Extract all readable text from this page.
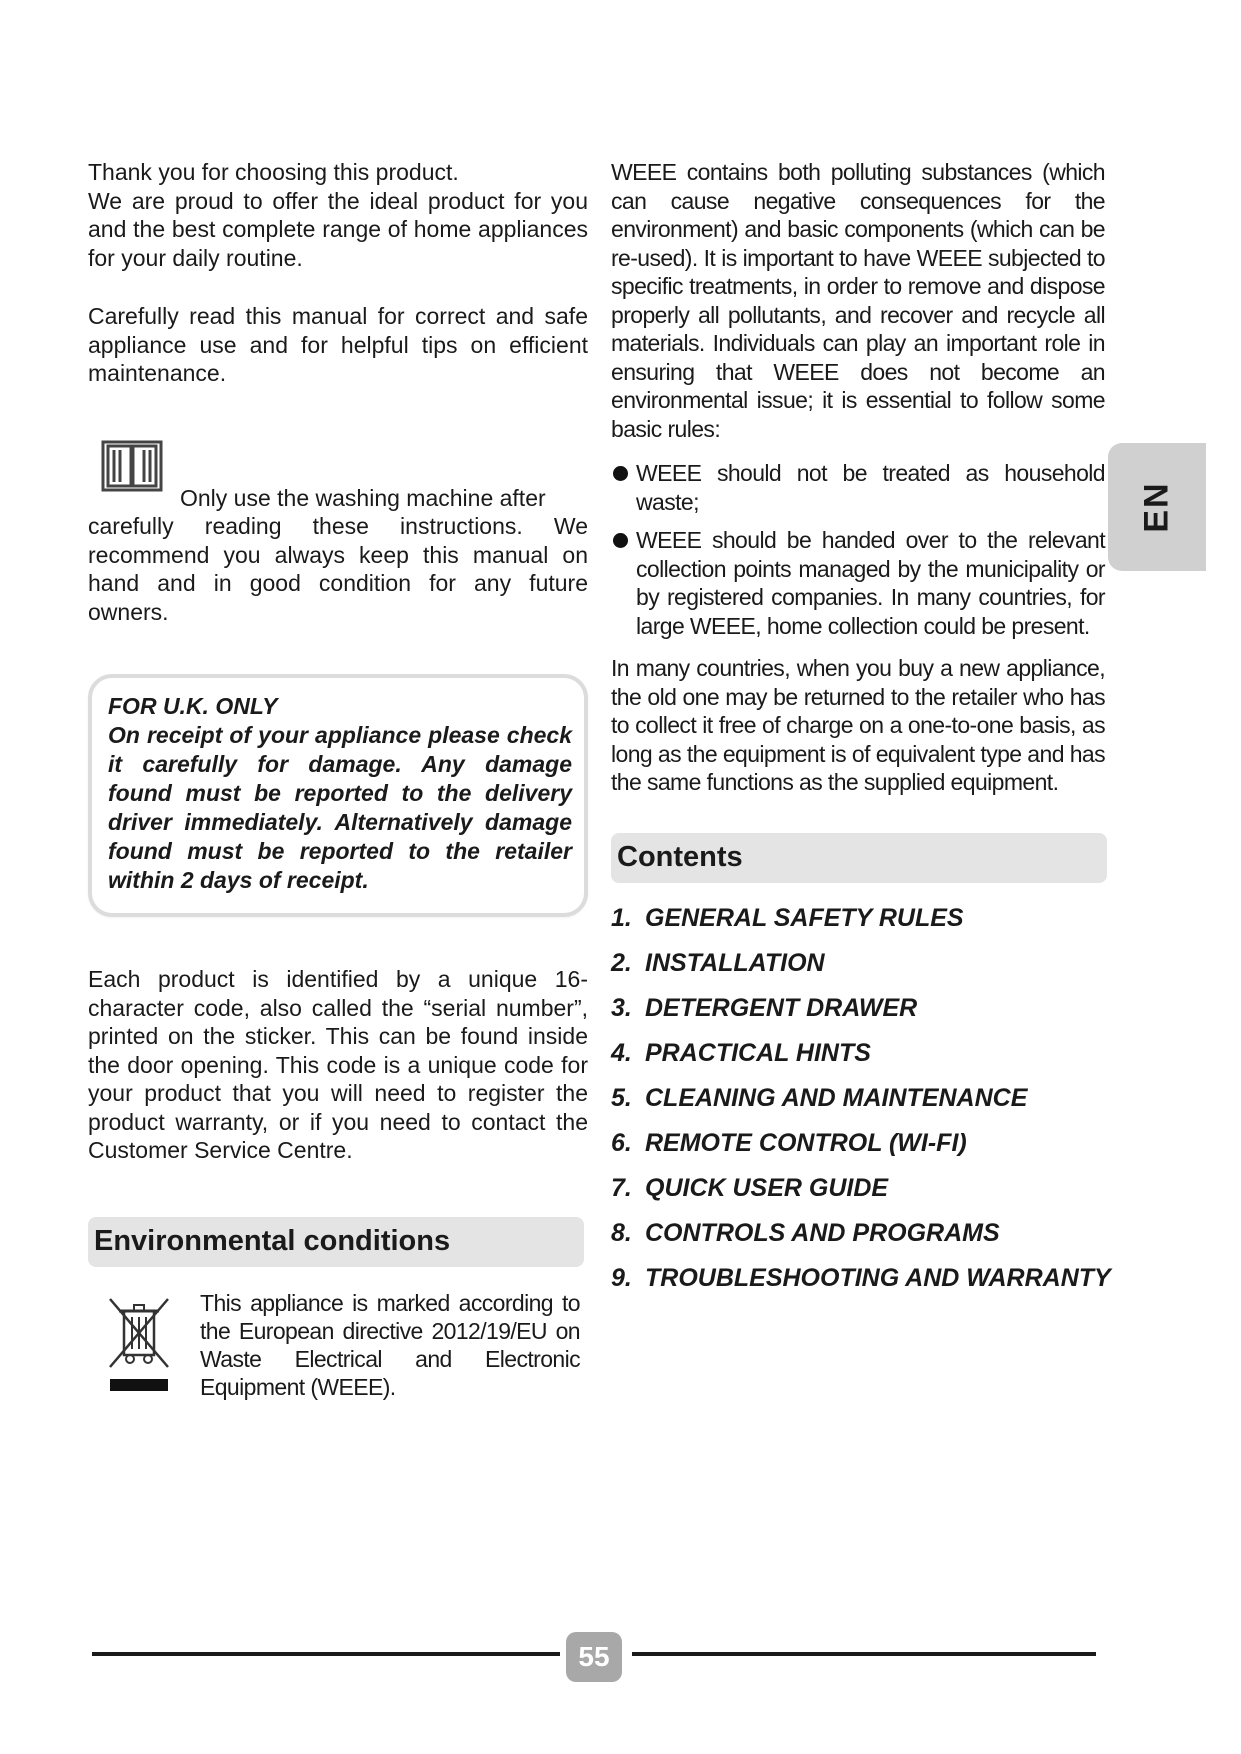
Thank you for choosing this product.

We are proud to offer the ideal product for you and the best complete range of home appliances for your daily routine.

Carefully read this manual for correct and safe appliance use and for helpful tips on efficient maintenance.

Only use the washing machine after

carefully reading these instructions. We recommend you always keep this manual on hand and in good condition for any future owners.

FOR U.K. ONLY

On receipt of your appliance please check it carefully for damage. Any damage found must be reported to the delivery driver immediately. Alternatively damage found must be reported to the retailer within 2 days of receipt.

Each product is identified by a unique 16-character code, also called the “serial number”, printed on the sticker. This can be found inside the door opening. This code is a unique code for your product that you will need to register the product warranty, or if you need to contact the Customer Service Centre.

Environmental conditions
This appliance is marked according to the European directive 2012/19/EU on Waste Electrical and Electronic Equipment (WEEE).

WEEE contains both polluting substances (which can cause negative consequences for the environment) and basic components (which can be re-used). It is important to have WEEE subjected to specific treatments, in order to remove and dispose properly all pollutants, and recover and recycle all materials. Individuals can play an important role in ensuring that WEEE does not become an environmental issue; it is essential to follow some basic rules:

WEEE should not be treated as household waste;
WEEE should be handed over to the relevant collection points managed by the municipality or by registered companies. In many countries, for large WEEE, home collection could be present.

In many countries, when you buy a new appliance, the old one may be returned to the retailer who has to collect it free of charge on a one-to-one basis, as long as the equipment is of equivalent type and has the same functions as the supplied equipment.

Contents
1. GENERAL SAFETY RULES
2. INSTALLATION
3. DETERGENT DRAWER
4. PRACTICAL HINTS
5. CLEANING AND MAINTENANCE
6. REMOTE CONTROL (WI-FI)
7. QUICK USER GUIDE
8. CONTROLS AND PROGRAMS
9. TROUBLESHOOTING AND WARRANTY
EN
55
